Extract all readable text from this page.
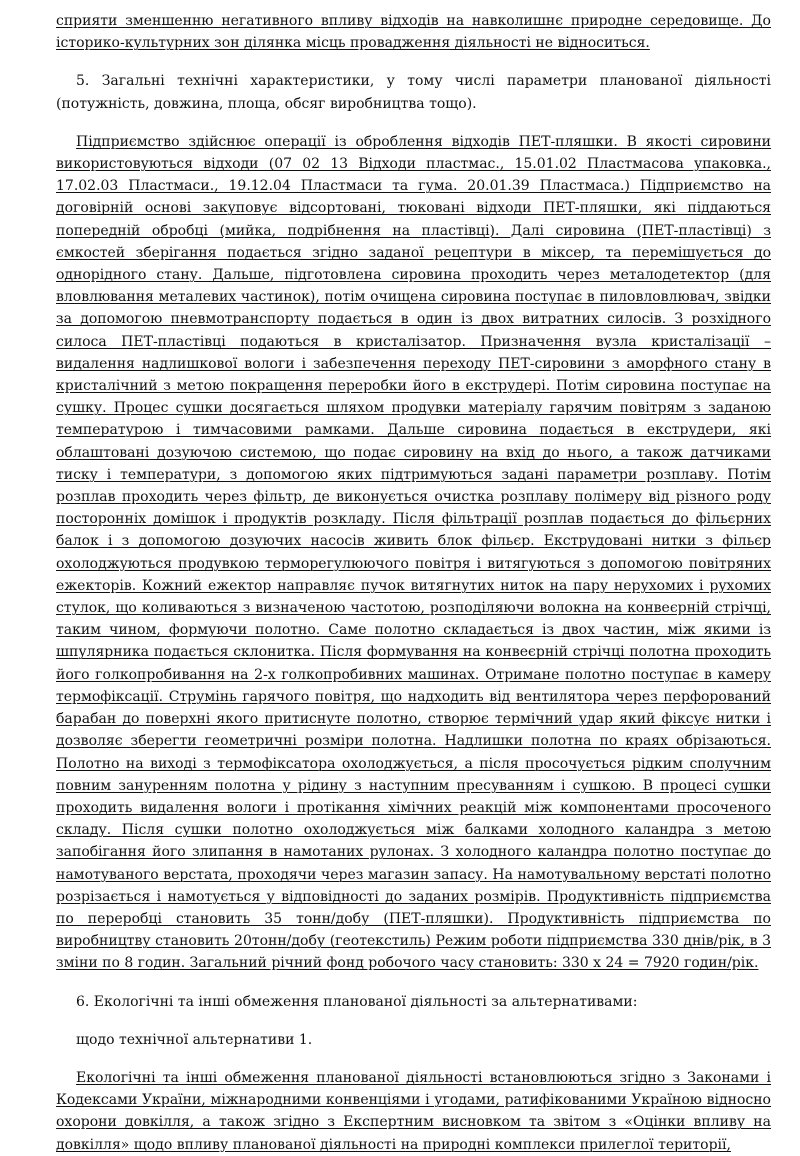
сприяти зменшенню негативного впливу відходів на навколишнє природне середовище. До історико-культурних зон ділянка місць провадження діяльності не відноситься.

5. Загальні технічні характеристики, у тому числі параметри планованої діяльності (потужність, довжина, площа, обсяг виробництва тощо).

Підприємство здійснює операції із оброблення відходів ПЕТ-пляшки. В якості сировини використовуються відходи (07 02 13 Відходи пластмас., 15.01.02 Пластмасова упаковка., 17.02.03 Пластмаси., 19.12.04 Пластмаси та гума. 20.01.39 Пластмаса.) Підприємство на договірній основі закуповує відсортовані, тюковані відходи ПЕТ-пляшки, які піддаються попередній обробці (мийка, подрібнення на пластівці). Далі сировина (ПЕТ-пластівці) з ємкостей зберігання подається згідно заданої рецептури в міксер, та перемішується до однорідного стану. Дальше, підготовлена сировина проходить через металодетектор (для вловлювання металевих частинок), потім очищена сировина поступає в пиловловлювач, звідки за допомогою пневмотранспорту подається в один із двох витратних силосів. З розхідного силоса ПЕТ-пластівці подаються в кристалізатор. Призначення вузла кристалізації – видалення надлишкової вологи і забезпечення переходу ПЕТ-сировини з аморфного стану в кристалічний з метою покращення переробки його в екструдері. Потім сировина поступає на сушку. Процес сушки досягається шляхом продувки матеріалу гарячим повітрям з заданою температурою і тимчасовими рамками. Дальше сировина подається в екструдери, які облаштовані дозуючою системою, що подає сировину на вхід до нього, а також датчиками тиску і температури, з допомогою яких підтримуються задані параметри розплаву. Потім розплав проходить через фільтр, де виконується очистка розплаву полімеру від різного роду посторонніх домішок і продуктів розкладу. Після фільтрації розплав подається до фільєрних балок і з допомогою дозуючих насосів живить блок фільєр. Екструдовані нитки з фільєр охолоджуються продувкою терморегулюючого повітря і витягуються з допомогою повітряних ежекторів. Кожний ежектор направляє пучок витягнутих ниток на пару нерухомих і рухомих стулок, що коливаються з визначеною частотою, розподіляючи волокна на конвеєрній стрічці, таким чином, формуючи полотно. Саме полотно складається із двох частин, між якими із шпулярника подається склонитка. Після формування на конвеєрній стрічці полотна проходить його голкопробивання на 2-х голкопробивних машинах. Отримане полотно поступає в камеру термофіксації. Струмінь гарячого повітря, що надходить від вентилятора через перфорований барабан до поверхні якого притиснуте полотно, створює термічний удар який фіксує нитки і дозволяє зберегти геометричні розміри полотна. Надлишки полотна по краях обрізаються. Полотно на виході з термофіксатора охолоджується, а після просочується рідким сполучним повним зануренням полотна у рідину з наступним пресуванням і сушкою. В процесі сушки проходить видалення вологи і протікання хімічних реакцій між компонентами просоченого складу. Після сушки полотно охолоджується між балками холодного каландра з метою запобігання його злипання в намотаних рулонах. З холодного каландра полотно поступає до намотуваного верстата, проходячи через магазин запасу. На намотувальному верстаті полотно розрізається і намотується у відповідності до заданих розмірів. Продуктивність підприємства по переробці становить 35 тонн/добу (ПЕТ-пляшки). Продуктивність підприємства по виробництву становить 20тонн/добу (геотекстиль) Режим роботи підприємства 330 днів/рік, в 3 зміни по 8 годин. Загальний річний фонд робочого часу становить: 330 х 24 = 7920 годин/рік.

6. Екологічні та інші обмеження планованої діяльності за альтернативами:

щодо технічної альтернативи 1.

Екологічні та інші обмеження планованої діяльності встановлюються згідно з Законами і Кодексами України, міжнародними конвенціями і угодами, ратифікованими Україною відносно охорони довкілля, а також згідно з Експертним висновком та звітом з «Оцінки впливу на довкілля» щодо впливу планованої діяльності на природні комплекси прилеглої території,
